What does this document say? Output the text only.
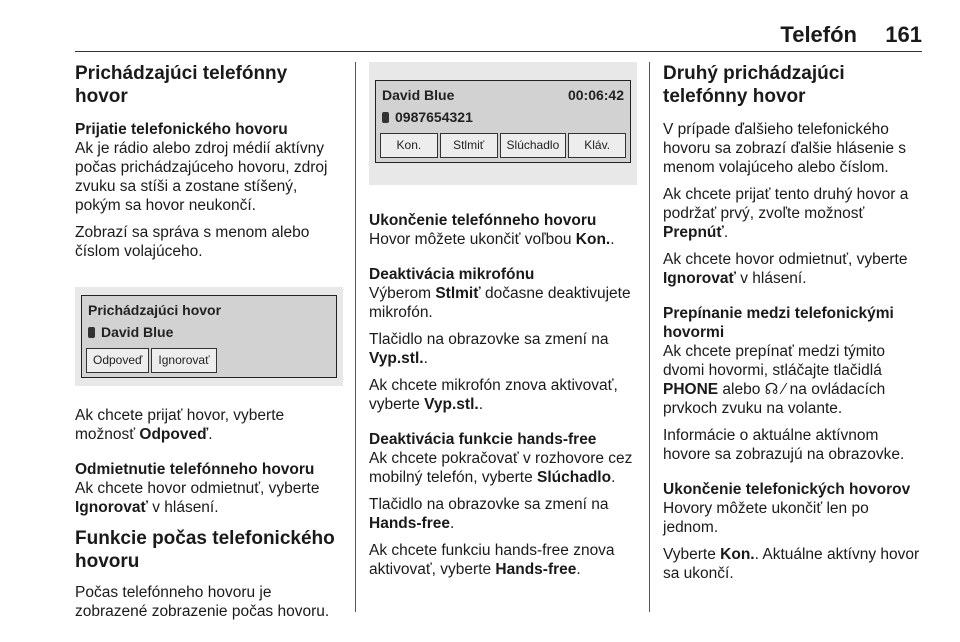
Telefón 161
Prichádzajúci telefónny hovor
Prijatie telefonického hovoru

Ak je rádio alebo zdroj médií aktívny počas prichádzajúceho hovoru, zdroj zvuku sa stíši a zostane stíšený, pokým sa hovor neukončí.

Zobrazí sa správa s menom alebo číslom volajúceho.

Prichádzajúci hovor
David Blue
Odpoveď	Ignorovať

Ak chcete prijať hovor, vyberte možnosť Odpoveď.

Odmietnutie telefónneho hovoru

Ak chcete hovor odmietnuť, vyberte Ignorovať v hlásení.

Funkcie počas telefonického hovoru

Počas telefónneho hovoru je zobrazené zobrazenie počas hovoru.

David Blue	00:06:42
0987654321
Kon.	Stlmiť	Slúchadlo	Kláv.
Ukončenie telefónneho hovoru

Hovor môžete ukončiť voľbou Kon..

Deaktivácia mikrofónu

Výberom Stlmiť dočasne deaktivujete mikrofón.

Tlačidlo na obrazovke sa zmení na Vyp.stl..

Ak chcete mikrofón znova aktivovať, vyberte Vyp.stl..

Deaktivácia funkcie hands-free

Ak chcete pokračovať v rozhovore cez mobilný telefón, vyberte Slúchadlo.

Tlačidlo na obrazovke sa zmení na Hands-free.

Ak chcete funkciu hands-free znova aktivovať, vyberte Hands-free.

Druhý prichádzajúci telefónny hovor

V prípade ďalšieho telefonického hovoru sa zobrazí ďalšie hlásenie s menom volajúceho alebo číslom.

Ak chcete prijať tento druhý hovor a podržať prvý, zvoľte možnosť Prepnúť.

Ak chcete hovor odmietnuť, vyberte Ignorovať v hlásení.

Prepínanie medzi telefonickými hovormi

Ak chcete prepínať medzi týmito dvomi hovormi, stláčajte tlačidlá PHONE alebo ☊ ⁄ na ovládacích prvkoch zvuku na volante.

Informácie o aktuálne aktívnom hovore sa zobrazujú na obrazovke.

Ukončenie telefonických hovorov

Hovory môžete ukončiť len po jednom.

Vyberte Kon.. Aktuálne aktívny hovor sa ukončí.
